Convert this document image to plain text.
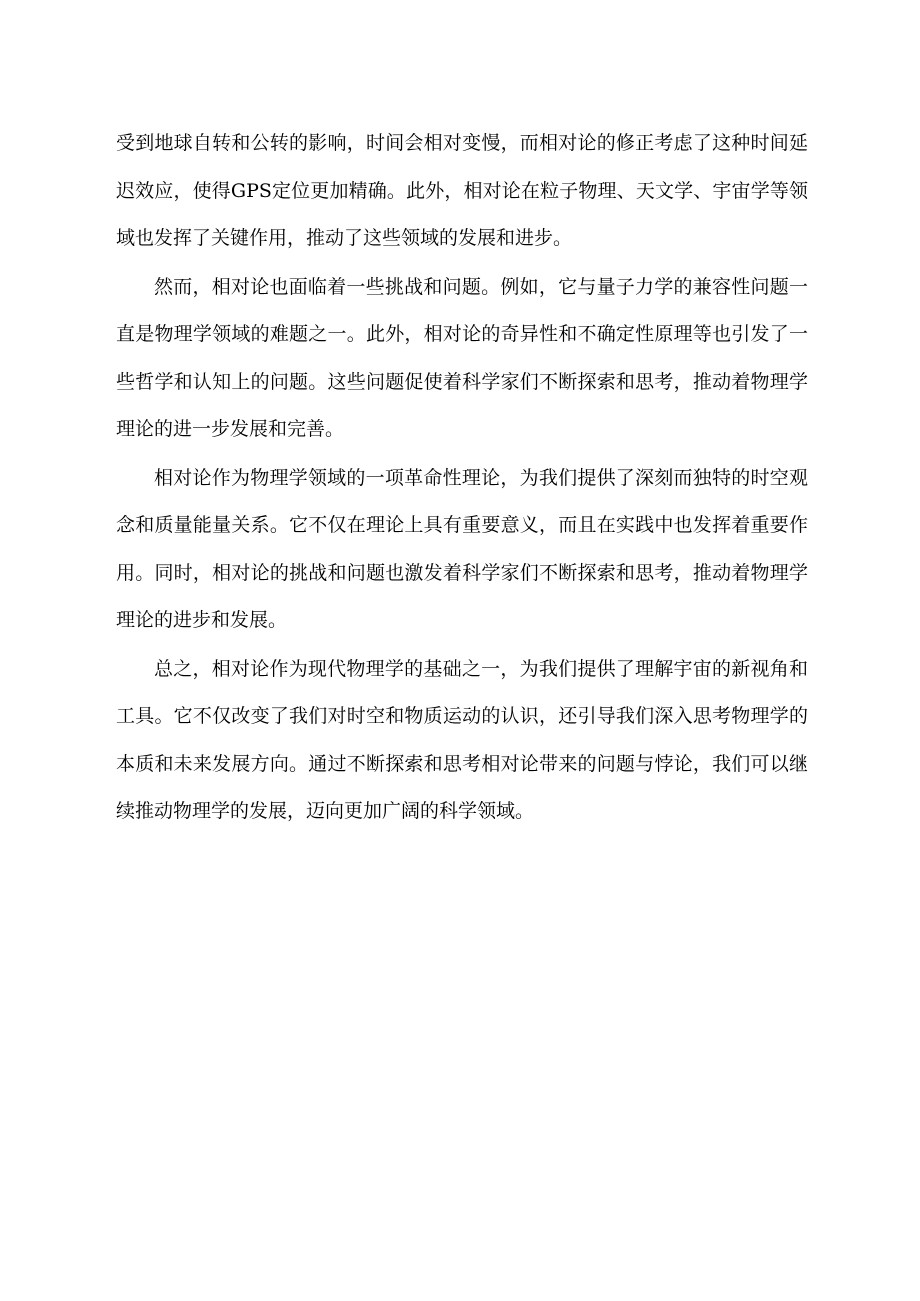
受到地球自转和公转的影响，时间会相对变慢，而相对论的修正考虑了这种时间延迟效应，使得GPS定位更加精确。此外，相对论在粒子物理、天文学、宇宙学等领域也发挥了关键作用，推动了这些领域的发展和进步。

然而，相对论也面临着一些挑战和问题。例如，它与量子力学的兼容性问题一直是物理学领域的难题之一。此外，相对论的奇异性和不确定性原理等也引发了一些哲学和认知上的问题。这些问题促使着科学家们不断探索和思考，推动着物理学理论的进一步发展和完善。

相对论作为物理学领域的一项革命性理论，为我们提供了深刻而独特的时空观念和质量能量关系。它不仅在理论上具有重要意义，而且在实践中也发挥着重要作用。同时，相对论的挑战和问题也激发着科学家们不断探索和思考，推动着物理学理论的进步和发展。

总之，相对论作为现代物理学的基础之一，为我们提供了理解宇宙的新视角和工具。它不仅改变了我们对时空和物质运动的认识，还引导我们深入思考物理学的本质和未来发展方向。通过不断探索和思考相对论带来的问题与悖论，我们可以继续推动物理学的发展，迈向更加广阔的科学领域。
